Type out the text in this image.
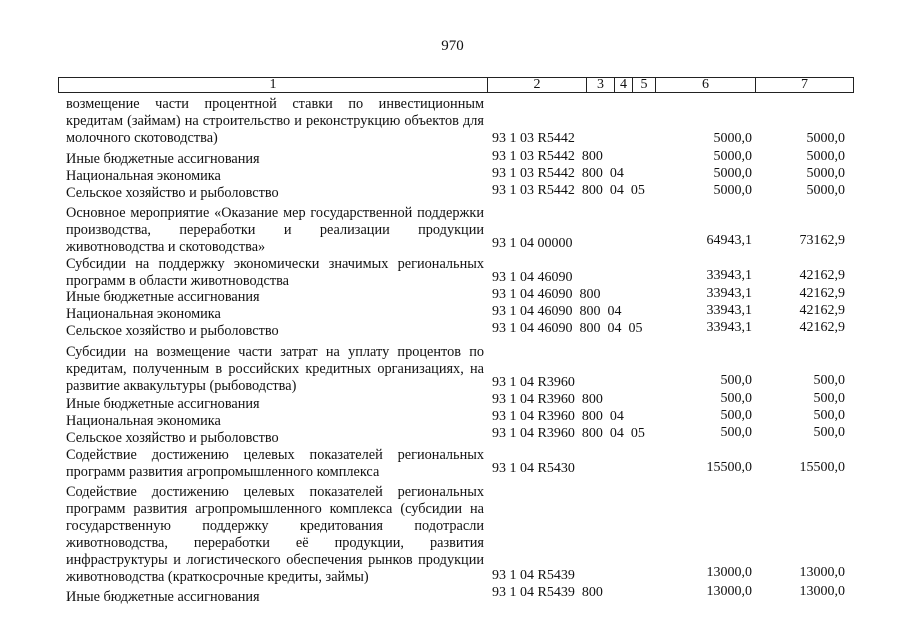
970
1	2	3	4 5	6	7
возмещение части процентной ставки по инвестиционным кредитам (займам) на строительство и реконструкцию объектов для молочного скотоводства)	93 1 03 R5442	5000,0	5000,0
Иные бюджетные ассигнования	93 1 03 R5442  800	5000,0	5000,0
Национальная экономика	93 1 03 R5442  800  04	5000,0	5000,0
Сельское хозяйство и рыболовство	93 1 03 R5442  800  04  05	5000,0	5000,0
Основное мероприятие «Оказание мер государственной поддержки производства, переработки и реализации продукции животноводства и скотоводства»	93 1 04 00000	64943,1	73162,9
Субсидии на поддержку экономически значимых региональных программ в области животноводства	93 1 04 46090	33943,1	42162,9
Иные бюджетные ассигнования	93 1 04 46090  800	33943,1	42162,9
Национальная экономика	93 1 04 46090  800  04	33943,1	42162,9
Сельское хозяйство и рыболовство	93 1 04 46090  800  04  05	33943,1	42162,9
Субсидии на возмещение части затрат на уплату процентов по кредитам, полученным в российских кредитных организациях, на развитие аквакультуры (рыбоводства)	93 1 04 R3960	500,0	500,0
Иные бюджетные ассигнования	93 1 04 R3960  800	500,0	500,0
Национальная экономика	93 1 04 R3960  800  04	500,0	500,0
Сельское хозяйство и рыболовство	93 1 04 R3960  800  04  05	500,0	500,0
Содействие достижению целевых показателей региональных программ развития агропромышленного комплекса	93 1 04 R5430	15500,0	15500,0
Содействие достижению целевых показателей региональных программ развития агропромышленного комплекса (субсидии на государственную поддержку кредитования подотрасли животноводства, переработки её продукции, развития инфраструктуры и логистического обеспечения рынков продукции животноводства (краткосрочные кредиты, займы)	93 1 04 R5439	13000,0	13000,0
Иные бюджетные ассигнования	93 1 04 R5439  800	13000,0	13000,0
